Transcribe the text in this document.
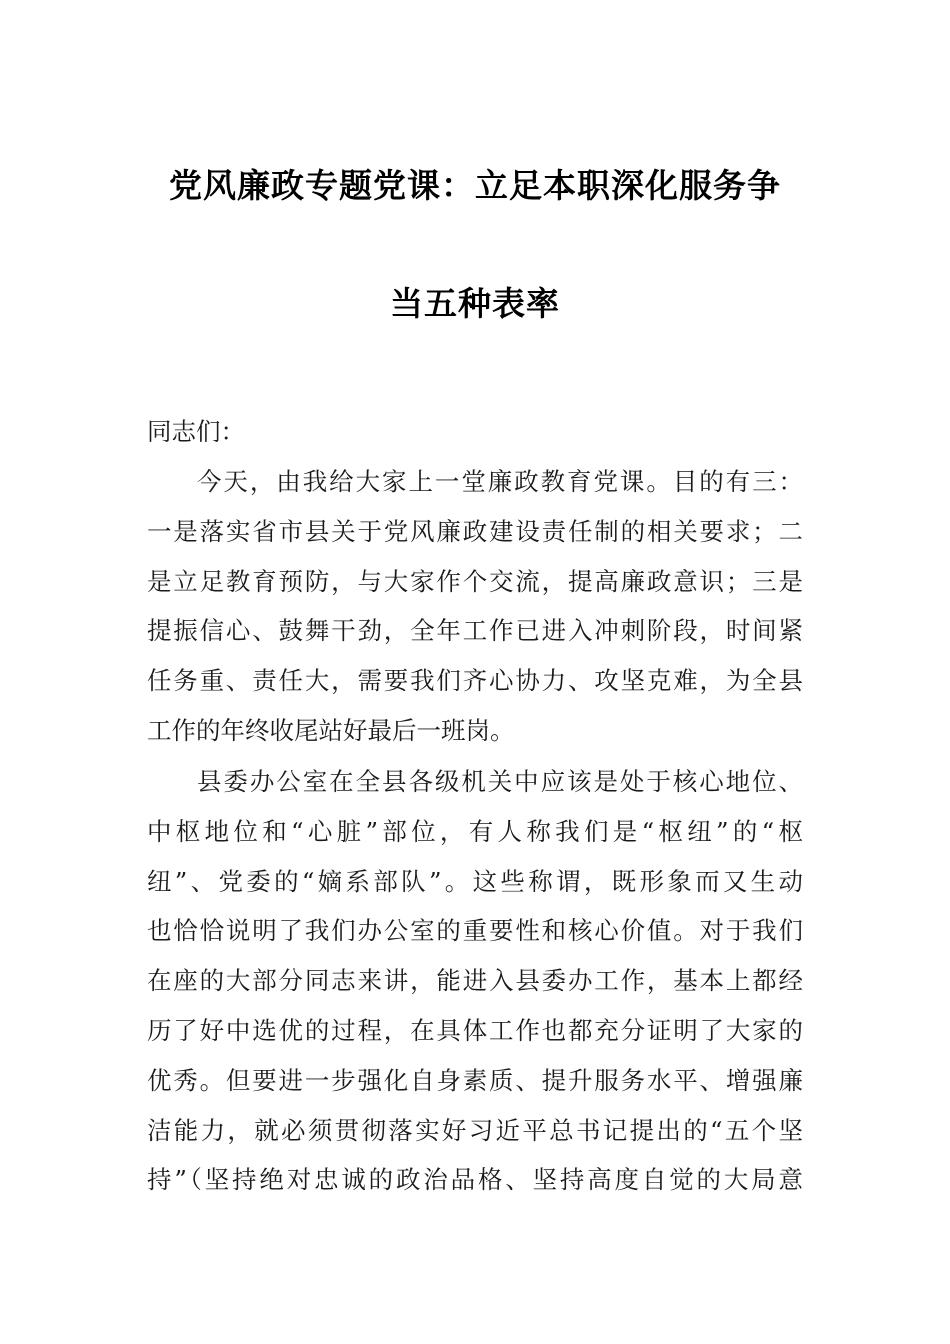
党风廉政专题党课：立足本职深化服务争
当五种表率
同志们：
今天，由我给大家上一堂廉政教育党课。目的有三：
一是落实省市县关于党风廉政建设责任制的相关要求；二
是立足教育预防，与大家作个交流，提高廉政意识；三是
提振信心、鼓舞干劲，全年工作已进入冲刺阶段，时间紧
任务重、责任大，需要我们齐心协力、攻坚克难，为全县
工作的年终收尾站好最后一班岗。
县委办公室在全县各级机关中应该是处于核心地位、
中枢地位和“心脏”部位，有人称我们是“枢纽”的“枢
纽”、党委的“嫡系部队”。这些称谓，既形象而又生动
也恰恰说明了我们办公室的重要性和核心价值。对于我们
在座的大部分同志来讲，能进入县委办工作，基本上都经
历了好中选优的过程，在具体工作也都充分证明了大家的
优秀。但要进一步强化自身素质、提升服务水平、增强廉
洁能力，就必须贯彻落实好习近平总书记提出的“五个坚
持”（坚持绝对忠诚的政治品格、坚持高度自觉的大局意
